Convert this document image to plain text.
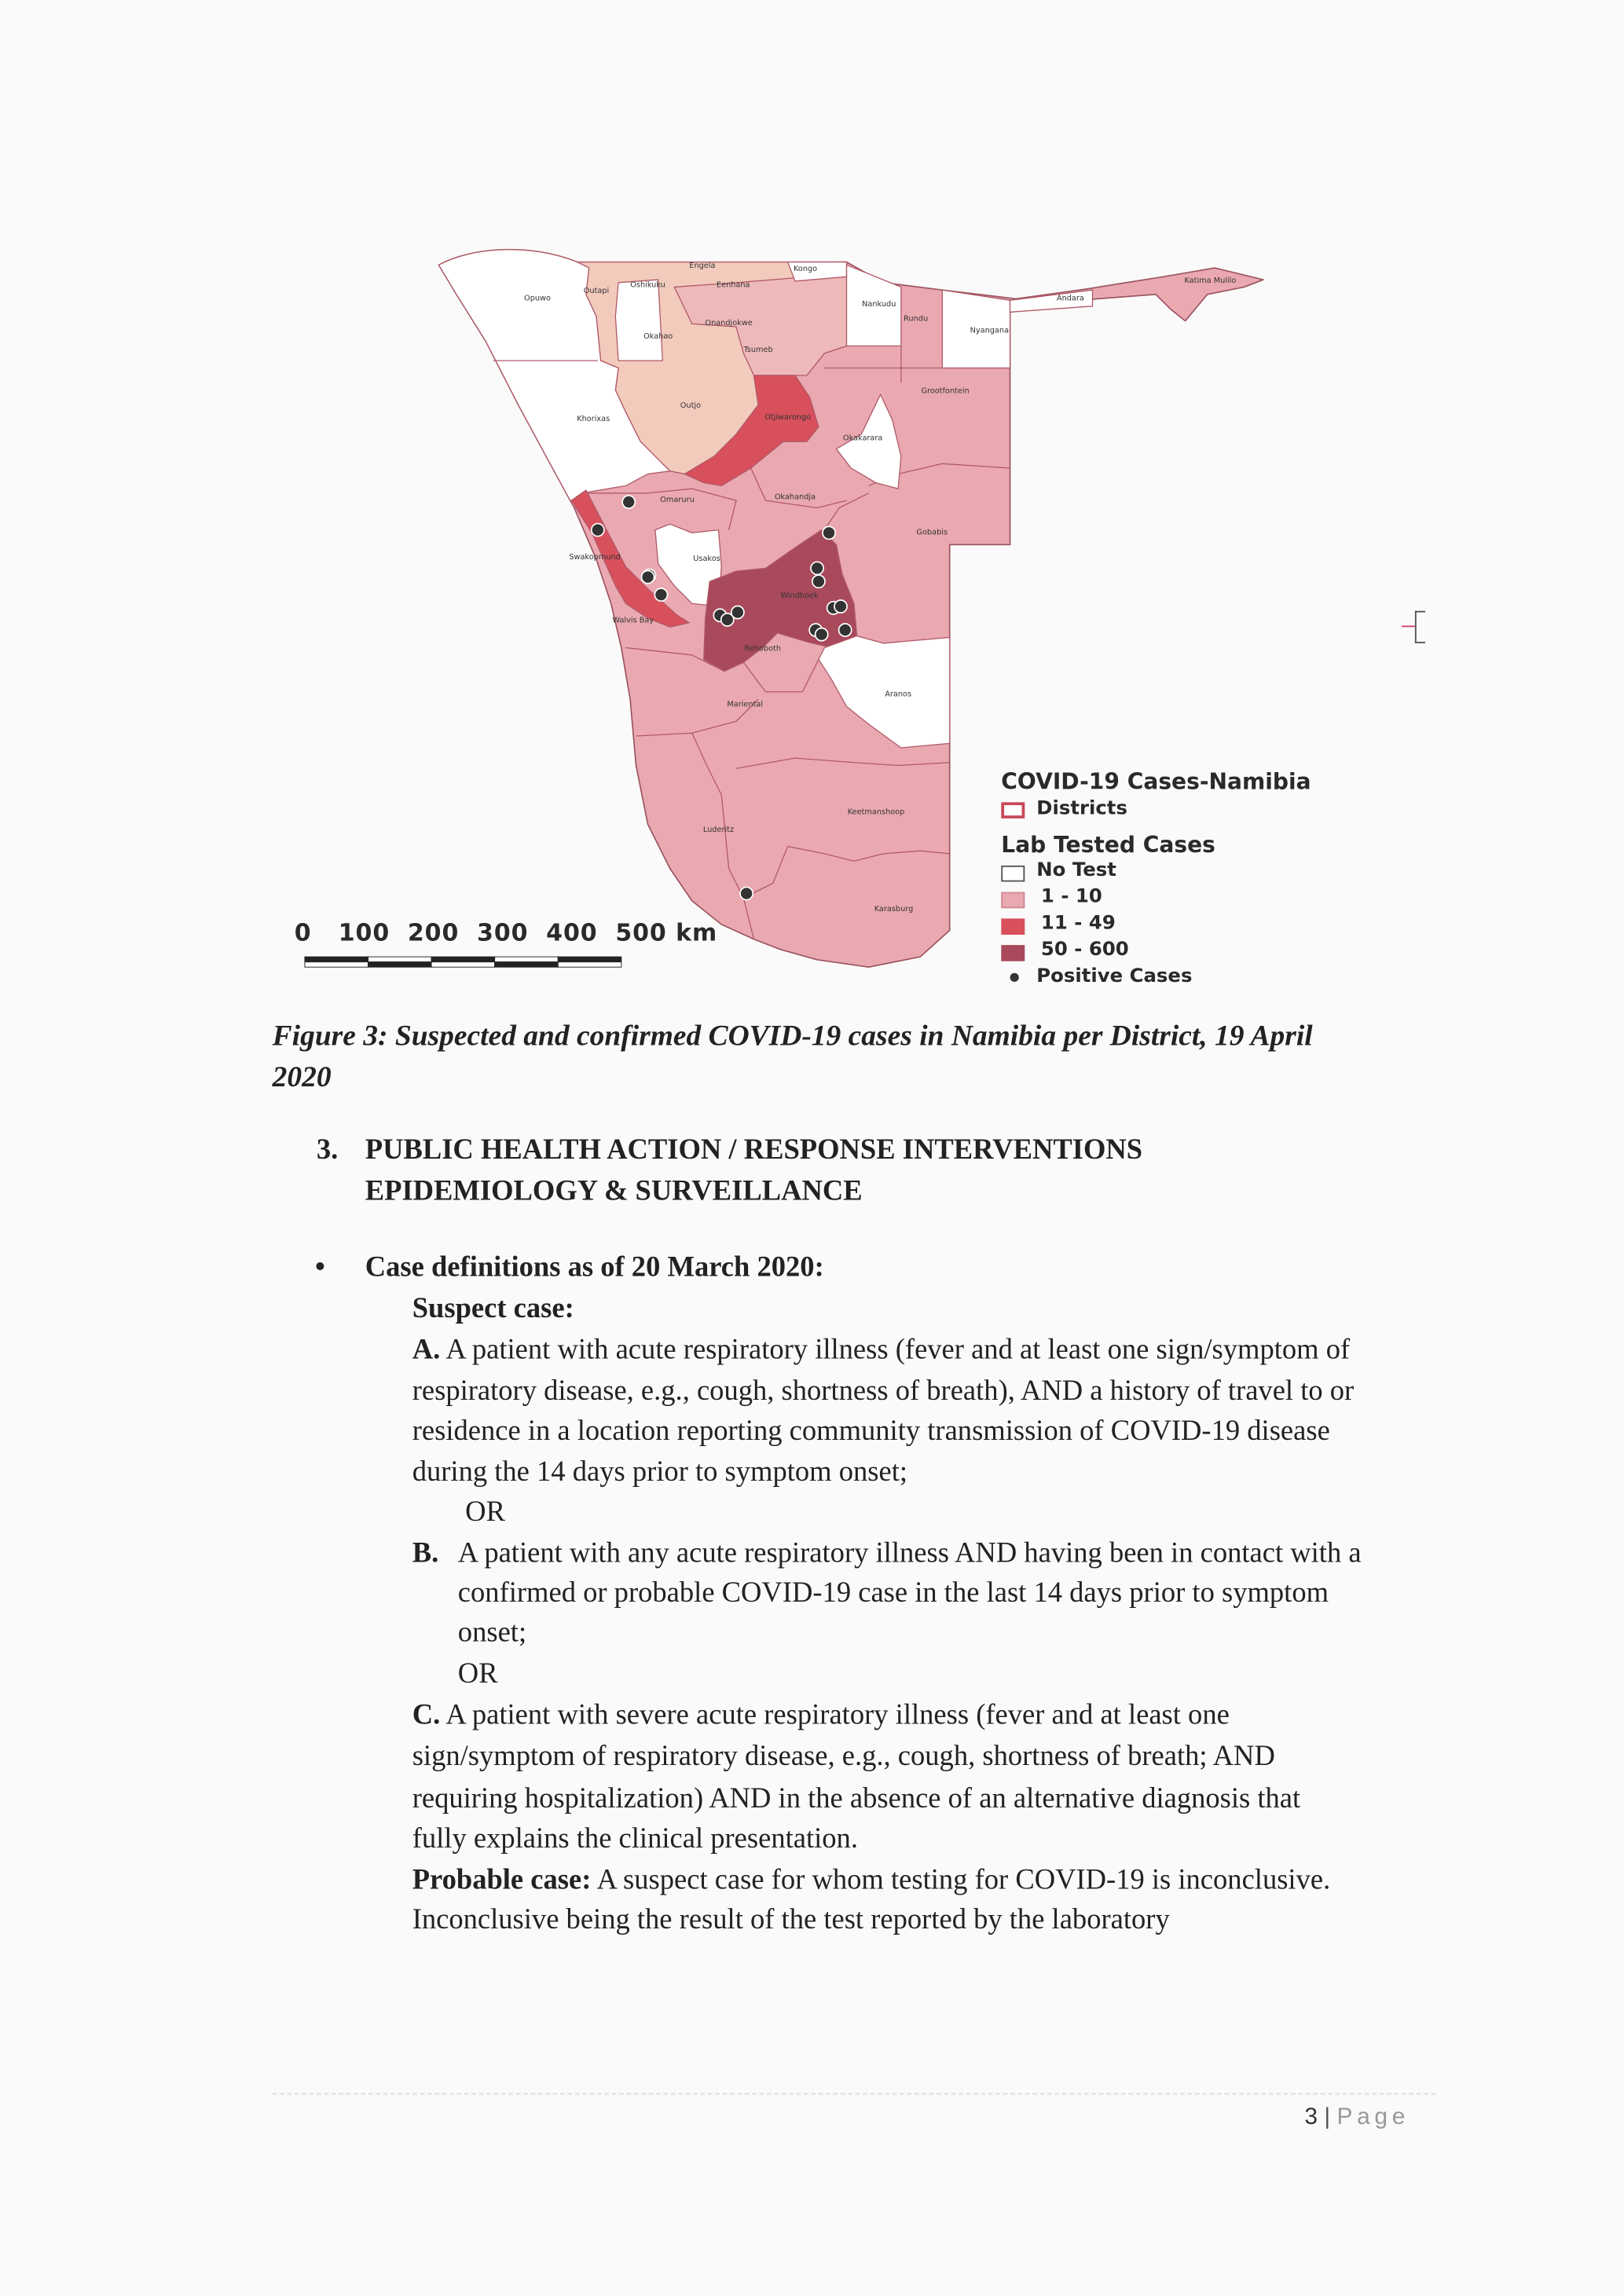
Opuwo
Outapi
Oshikuku
Engela
Eenhana
Kongo
Okahao
Onandjokwe
Tsumeb
Nankudu
Rundu
Nyangana
Andara
Katima Mulilo
Grootfontein
Outjo
Khorixas	Otjiwarongo
Okakarara
Okahandja
Omaruru
Gobabis
Swakopmund	Usakos
Windhoek
Walvis Bay
Rehoboth
Aranos
Mariental
Keetmanshoop
Luderitz
Karasburg
0   100  200  300  400  500 km
COVID-19 Cases-Namibia
Districts
Lab Tested Cases
No Test
1 - 10
11 - 49
50 - 600
Positive Cases
Figure 3: Suspected and confirmed COVID-19 cases in Namibia per District, 19 April
2020
3. PUBLIC HEALTH ACTION / RESPONSE INTERVENTIONS
EPIDEMIOLOGY & SURVEILLANCE
•	Case definitions as of 20 March 2020:
Suspect case:
A. A patient with acute respiratory illness (fever and at least one sign/symptom of
respiratory disease, e.g., cough, shortness of breath), AND a history of travel to or
residence in a location reporting community transmission of COVID-19 disease
during the 14 days prior to symptom onset;
OR
B. A patient with any acute respiratory illness AND having been in contact with a
confirmed or probable COVID-19 case in the last 14 days prior to symptom
onset;
OR
C. A patient with severe acute respiratory illness (fever and at least one
sign/symptom of respiratory disease, e.g., cough, shortness of breath; AND
requiring hospitalization) AND in the absence of an alternative diagnosis that
fully explains the clinical presentation.
Probable case: A suspect case for whom testing for COVID-19 is inconclusive.
Inconclusive being the result of the test reported by the laboratory
3 | Page
